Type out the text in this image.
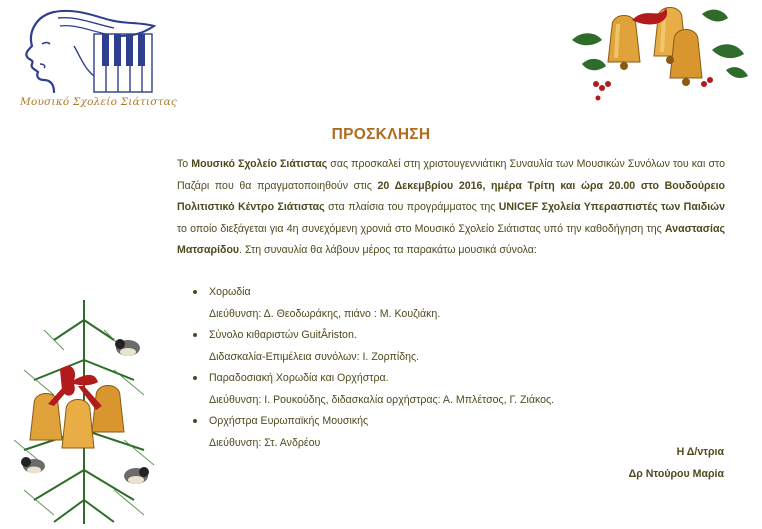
Μουσικό Σχολείο Σιάτιστας
ΠΡΟΣΚΛΗΣΗ
Το Μουσικό Σχολείο Σιάτιστας σας προσκαλεί στη χριστουγεννιάτικη Συναυλία των Μουσικών Συνόλων του και στο Παζάρι που θα πραγματοποιηθούν στις 20 Δεκεμβρίου 2016, ημέρα Τρίτη και ώρα 20.00 στο Βουδούρειο Πολιτιστικό Κέντρο Σιάτιστας στα πλαίσια του προγράμματος της UNICEF Σχολεία Υπερασπιστές των Παιδιών το οποίο διεξάγεται για 4η συνεχόμενη χρονιά στο Μουσικό Σχολείο Σιάτιστας υπό την καθοδήγηση της Αναστασίας Ματσαρίδου. Στη συναυλία θα λάβουν μέρος τα παρακάτω μουσικά σύνολα:
Χορωδία
Διεύθυνση: Δ. Θεοδωράκης, πιάνο : Μ. Κουζιάκη.
Σύνολο κιθαριστών GuitÂriston.
Διδασκαλία-Επιμέλεια συνόλων: Ι. Ζορπίδης.
Παραδοσιακή Χορωδία και Ορχήστρα.
Διεύθυνση: Ι. Ρουκούδης, διδασκαλία ορχήστρας: Α. Μπλέτσος, Γ. Ζιάκος.
Ορχήστρα Ευρωπαϊκής Μουσικής
Διεύθυνση: Στ. Ανδρέου
Η Δ/ντρια
Δρ Ντούρου Μαρία
